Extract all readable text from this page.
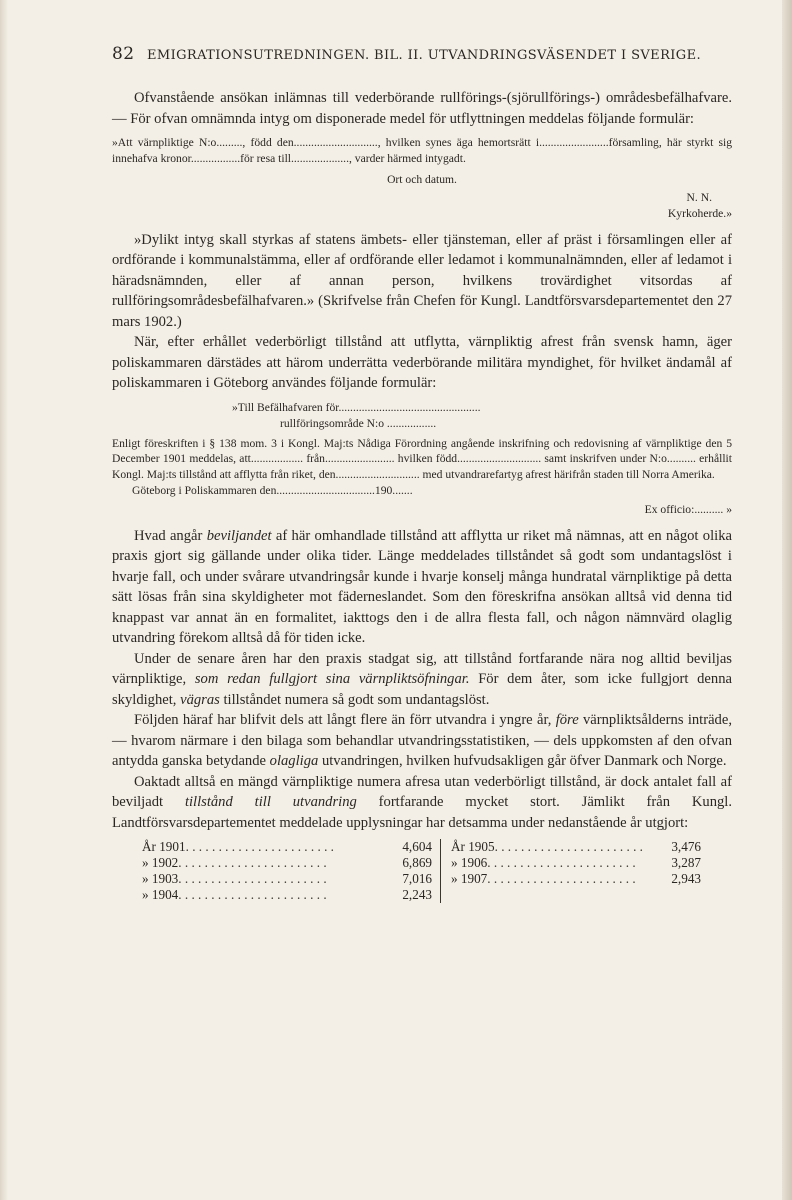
82 EMIGRATIONSUTREDNINGEN. BIL. II. UTVANDRINGSVÄSENDET I SVERIGE.

Ofvanstående ansökan inlämnas till vederbörande rullförings-(sjörullförings-) områdesbefälhafvare. — För ofvan omnämnda intyg om disponerade medel för utflyttningen meddelas följande formulär:

»Att värnpliktige N:o........., född den............................., hvilken synes äga hemortsrätt i........................församling, här styrkt sig innehafva kronor.................för resa till...................., varder härmed intygadt.

Ort och datum.

N. N.

Kyrkoherde.»

»Dylikt intyg skall styrkas af statens ämbets- eller tjänsteman, eller af präst i församlingen eller af ordförande i kommunalstämma, eller af ordförande eller ledamot i kommunalnämnden, eller af ledamot i häradsnämnden, eller af annan person, hvilkens trovärdighet vitsordas af rullföringsområdesbefälhafvaren.» (Skrifvelse från Chefen för Kungl. Landtförsvarsdepartementet den 27 mars 1902.)

När, efter erhållet vederbörligt tillstånd att utflytta, värnpliktig afrest från svensk hamn, äger poliskammaren därstädes att härom underrätta vederbörande militära myndighet, för hvilket ändamål af poliskammaren i Göteborg användes följande formulär:

»Till Befälhafvaren för.................................................

rullföringsområde N:o .................

Enligt föreskriften i § 138 mom. 3 i Kongl. Maj:ts Nådiga Förordning angående inskrifning och redovisning af värnpliktige den 5 December 1901 meddelas, att.................. från........................ hvilken född............................. samt inskrifven under N:o.......... erhållit Kongl. Maj:ts tillstånd att afflytta från riket, den............................. med utvandrarefartyg afrest härifrån staden till Norra Amerika.

Göteborg i Poliskammaren den..................................190.......

Ex officio:.......... »

Hvad angår beviljandet af här omhandlade tillstånd att afflytta ur riket må nämnas, att en något olika praxis gjort sig gällande under olika tider. Länge meddelades tillståndet så godt som undantagslöst i hvarje fall, och under svårare utvandringsår kunde i hvarje konselj många hundratal värnpliktige på detta sätt lösas från sina skyldigheter mot fäderneslandet. Som den föreskrifna ansökan alltså vid denna tid knappast var annat än en formalitet, iakttogs den i de allra flesta fall, och någon nämnvärd olaglig utvandring förekom alltså då för tiden icke.

Under de senare åren har den praxis stadgat sig, att tillstånd fortfarande nära nog alltid beviljas värnpliktige, som redan fullgjort sina värnpliktsöfningar. För dem åter, som icke fullgjort denna skyldighet, vägras tillståndet numera så godt som undantagslöst.

Följden häraf har blifvit dels att långt flere än förr utvandra i yngre år, före värnpliktsålderns inträde, — hvarom närmare i den bilaga som behandlar utvandringsstatistiken, — dels uppkomsten af den ofvan antydda ganska betydande olagliga utvandringen, hvilken hufvudsakligen går öfver Danmark och Norge.

Oaktadt alltså en mängd värnpliktige numera afresa utan vederbörligt tillstånd, är dock antalet fall af beviljadt tillstånd till utvandring fortfarande mycket stort. Jämlikt från Kungl. Landtförsvarsdepartementet meddelade upplysningar har detsamma under nedanstående år utgjort:

År 1901 . . . . . . . . . . . . . . . . . . . . . . .	4,604
» 1902 . . . . . . . . . . . . . . . . . . . . . . .	6,869
» 1903 . . . . . . . . . . . . . . . . . . . . . . .	7,016
» 1904 . . . . . . . . . . . . . . . . . . . . . . .	2,243
År 1905 . . . . . . . . . . . . . . . . . . . . . . .	3,476
» 1906 . . . . . . . . . . . . . . . . . . . . . . .	3,287
» 1907 . . . . . . . . . . . . . . . . . . . . . . .	2,943
